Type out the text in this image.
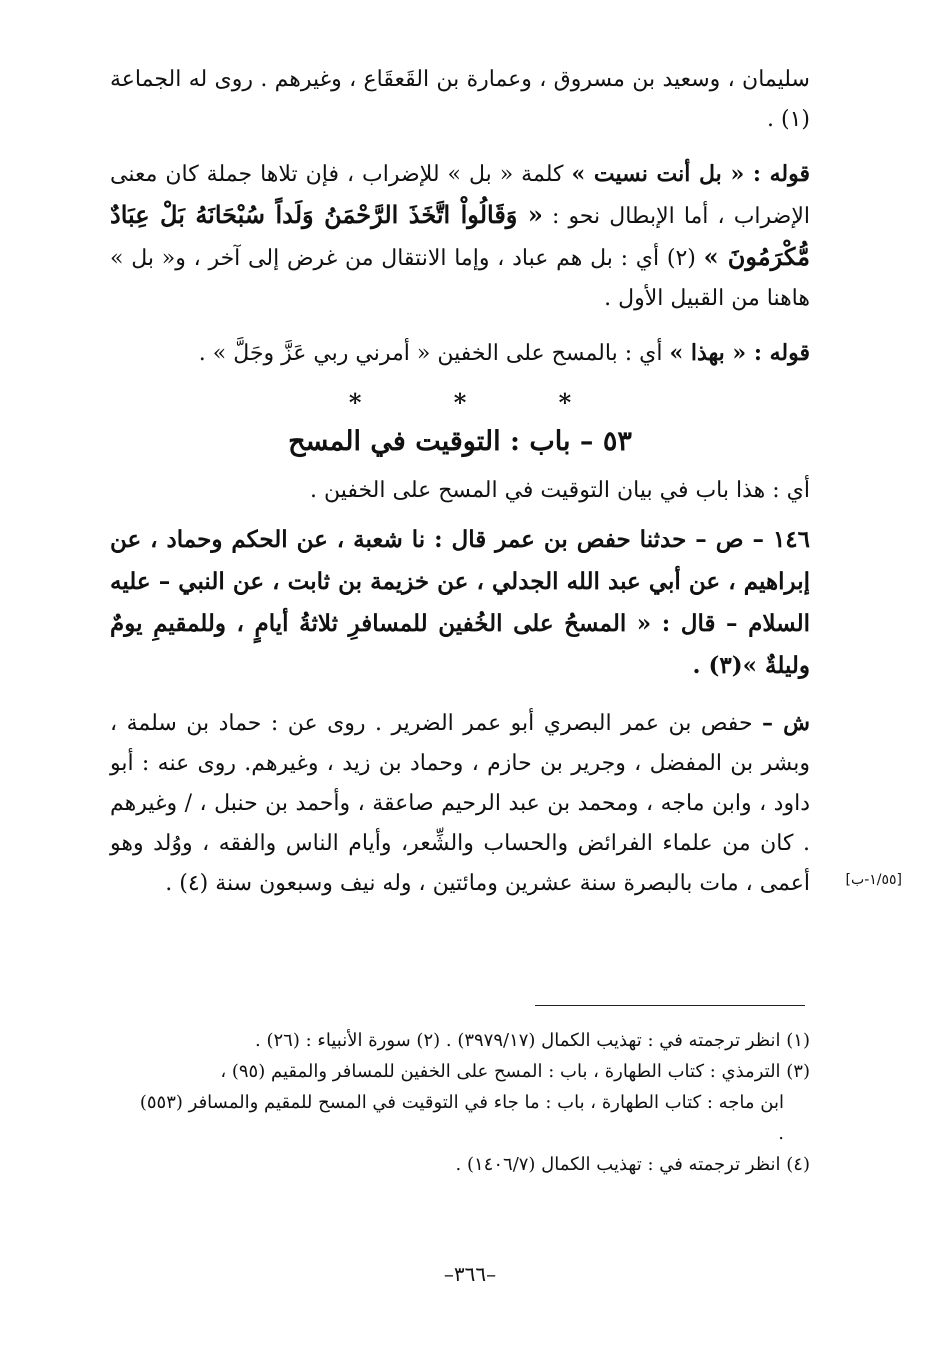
سليمان ، وسعيد بن مسروق ، وعمارة بن القَعقَاع ، وغيرهم . روى له الجماعة (١) .

قوله : « بل أنت نسيت » كلمة « بل » للإضراب ، فإن تلاها جملة كان معنى الإضراب ، أما الإبطال نحو : « وَقَالُواْ اتَّخَذَ الرَّحْمَنُ وَلَداً سُبْحَانَهُ بَلْ عِبَادٌ مُّكْرَمُونَ » (٢) أي : بل هم عباد ، وإما الانتقال من غرض إلى آخر ، و« بل » هاهنا من القبيل الأول .

قوله : « بهذا » أي : بالمسح على الخفين « أمرني ربي عَزَّ وجَلَّ » .

* * *
٥٣ – باب : التوقيت في المسح

أي : هذا باب في بيان التوقيت في المسح على الخفين .

١٤٦ – ص – حدثنا حفص بن عمر قال : نا شعبة ، عن الحكم وحماد ، عن إبراهيم ، عن أبي عبد الله الجدلي ، عن خزيمة بن ثابت ، عن النبي – عليه السلام – قال : « المسحُ على الخُفين للمسافرِ ثلاثةُ أيامٍ ، وللمقيمِ يومٌ وليلةٌ »(٣) .

ش – حفص بن عمر البصري أبو عمر الضرير . روى عن : حماد بن سلمة ، وبشر بن المفضل ، وجرير بن حازم ، وحماد بن زيد ، وغيرهم. روى عنه : أبو داود ، وابن ماجه ، ومحمد بن عبد الرحيم صاعقة ، وأحمد بن حنبل ، / وغيرهم . كان من علماء الفرائض والحساب والشِّعر، وأيام الناس والفقه ، ووُلد وهو أعمى ، مات بالبصرة سنة عشرين ومائتين ، وله نيف وسبعون سنة (٤) .	[١/٥٥-ب]

(١) انظر ترجمته في : تهذيب الكمال (٣٩٧٩/١٧) . (٢) سورة الأنبياء : (٢٦) .

(٣) الترمذي : كتاب الطهارة ، باب : المسح على الخفين للمسافر والمقيم (٩٥) ،

ابن ماجه : كتاب الطهارة ، باب : ما جاء في التوقيت في المسح للمقيم والمسافر (٥٥٣) .

(٤) انظر ترجمته في : تهذيب الكمال (١٤٠٦/٧) .

–٣٦٦–
